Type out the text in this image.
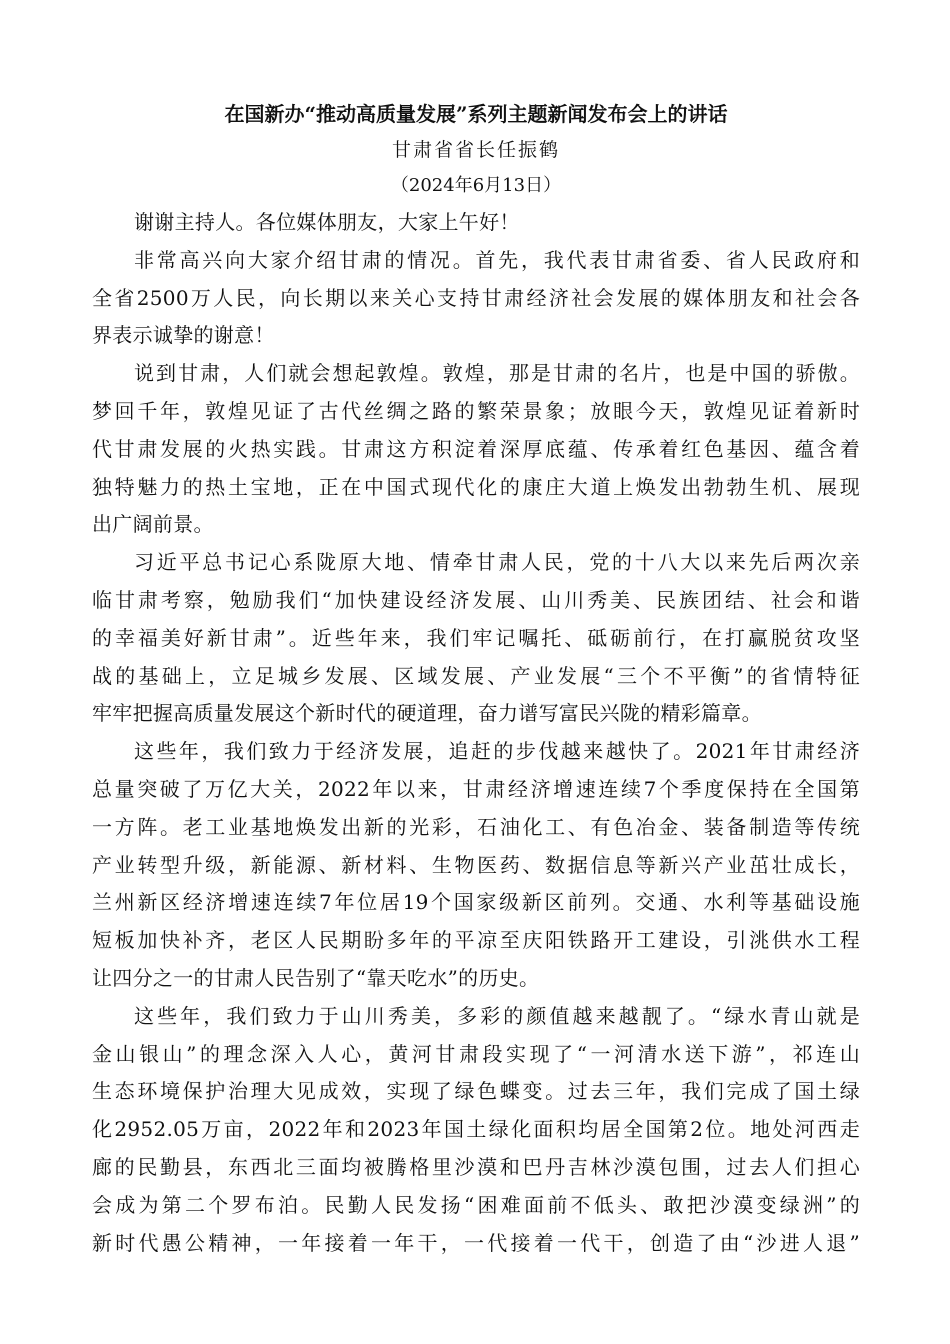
在国新办“推动高质量发展”系列主题新闻发布会上的讲话
甘肃省省长任振鹤
（2024年6月13日）

谢谢主持人。各位媒体朋友，大家上午好！

非常高兴向大家介绍甘肃的情况。首先，我代表甘肃省委、省人民政府和
全省2500万人民，向长期以来关心支持甘肃经济社会发展的媒体朋友和社会各
界表示诚挚的谢意！

说到甘肃，人们就会想起敦煌。敦煌，那是甘肃的名片，也是中国的骄傲。
梦回千年，敦煌见证了古代丝绸之路的繁荣景象；放眼今天，敦煌见证着新时
代甘肃发展的火热实践。甘肃这方积淀着深厚底蕴、传承着红色基因、蕴含着
独特魅力的热土宝地，正在中国式现代化的康庄大道上焕发出勃勃生机、展现
出广阔前景。

习近平总书记心系陇原大地、情牵甘肃人民，党的十八大以来先后两次亲
临甘肃考察，勉励我们“加快建设经济发展、山川秀美、民族团结、社会和谐
的幸福美好新甘肃”。近些年来，我们牢记嘱托、砥砺前行，在打赢脱贫攻坚
战的基础上，立足城乡发展、区域发展、产业发展“三个不平衡”的省情特征
牢牢把握高质量发展这个新时代的硬道理，奋力谱写富民兴陇的精彩篇章。

这些年，我们致力于经济发展，追赶的步伐越来越快了。2021年甘肃经济
总量突破了万亿大关，2022年以来，甘肃经济增速连续7个季度保持在全国第
一方阵。老工业基地焕发出新的光彩，石油化工、有色冶金、装备制造等传统
产业转型升级，新能源、新材料、生物医药、数据信息等新兴产业茁壮成长，
兰州新区经济增速连续7年位居19个国家级新区前列。交通、水利等基础设施
短板加快补齐，老区人民期盼多年的平凉至庆阳铁路开工建设，引洮供水工程
让四分之一的甘肃人民告别了“靠天吃水”的历史。

这些年，我们致力于山川秀美，多彩的颜值越来越靓了。“绿水青山就是
金山银山”的理念深入人心，黄河甘肃段实现了“一河清水送下游”，祁连山
生态环境保护治理大见成效，实现了绿色蝶变。过去三年，我们完成了国土绿
化2952.05万亩，2022年和2023年国土绿化面积均居全国第2位。地处河西走
廊的民勤县，东西北三面均被腾格里沙漠和巴丹吉林沙漠包围，过去人们担心
会成为第二个罗布泊。民勤人民发扬“困难面前不低头、敢把沙漠变绿洲”的
新时代愚公精神，一年接着一年干，一代接着一代干，创造了由“沙进人退”
